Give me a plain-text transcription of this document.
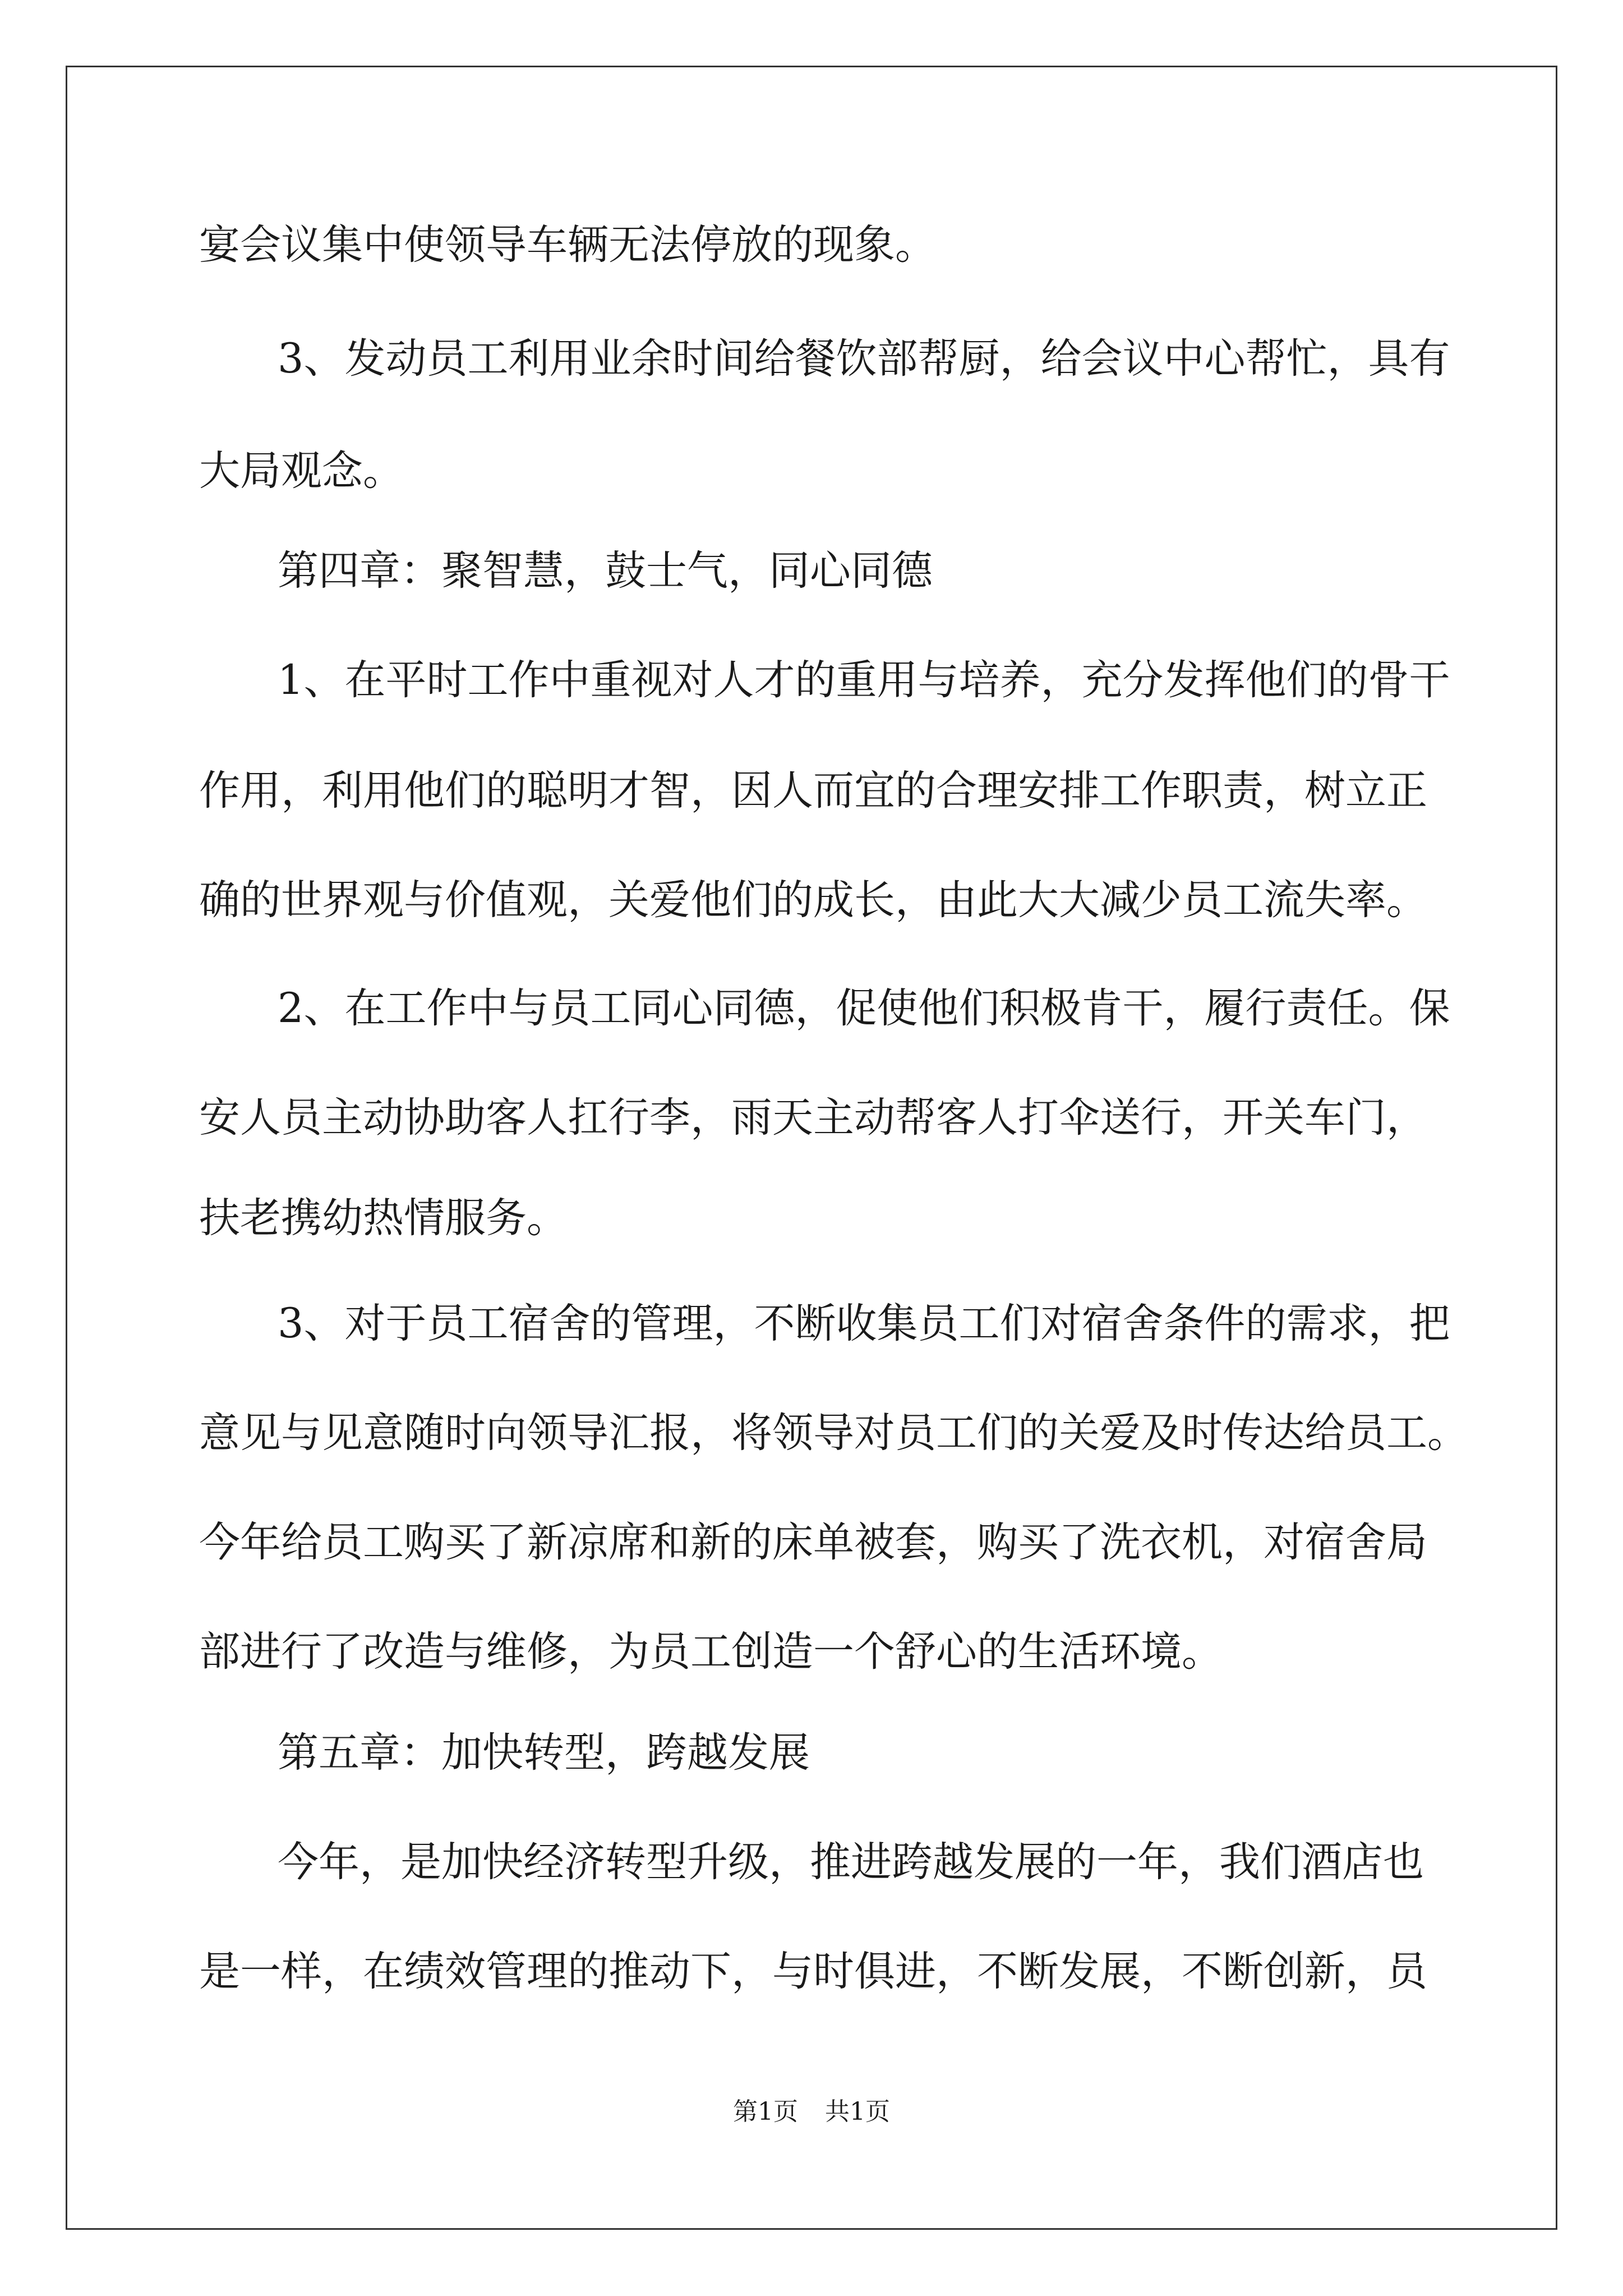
宴会议集中使领导车辆无法停放的现象。

3、发动员工利用业余时间给餐饮部帮厨，给会议中心帮忙，具有

大局观念。

第四章：聚智慧，鼓士气，同心同德

1、在平时工作中重视对人才的重用与培养，充分发挥他们的骨干

作用，利用他们的聪明才智，因人而宜的合理安排工作职责，树立正

确的世界观与价值观，关爱他们的成长，由此大大减少员工流失率。

2、在工作中与员工同心同德，促使他们积极肯干，履行责任。保

安人员主动协助客人扛行李，雨天主动帮客人打伞送行，开关车门，

扶老携幼热情服务。

3、对于员工宿舍的管理，不断收集员工们对宿舍条件的需求，把

意见与见意随时向领导汇报，将领导对员工们的关爱及时传达给员工。

今年给员工购买了新凉席和新的床单被套，购买了洗衣机，对宿舍局

部进行了改造与维修，为员工创造一个舒心的生活环境。

第五章：加快转型，跨越发展

今年，是加快经济转型升级，推进跨越发展的一年，我们酒店也

是一样，在绩效管理的推动下，与时俱进，不断发展，不断创新，员

第1页 共1页
